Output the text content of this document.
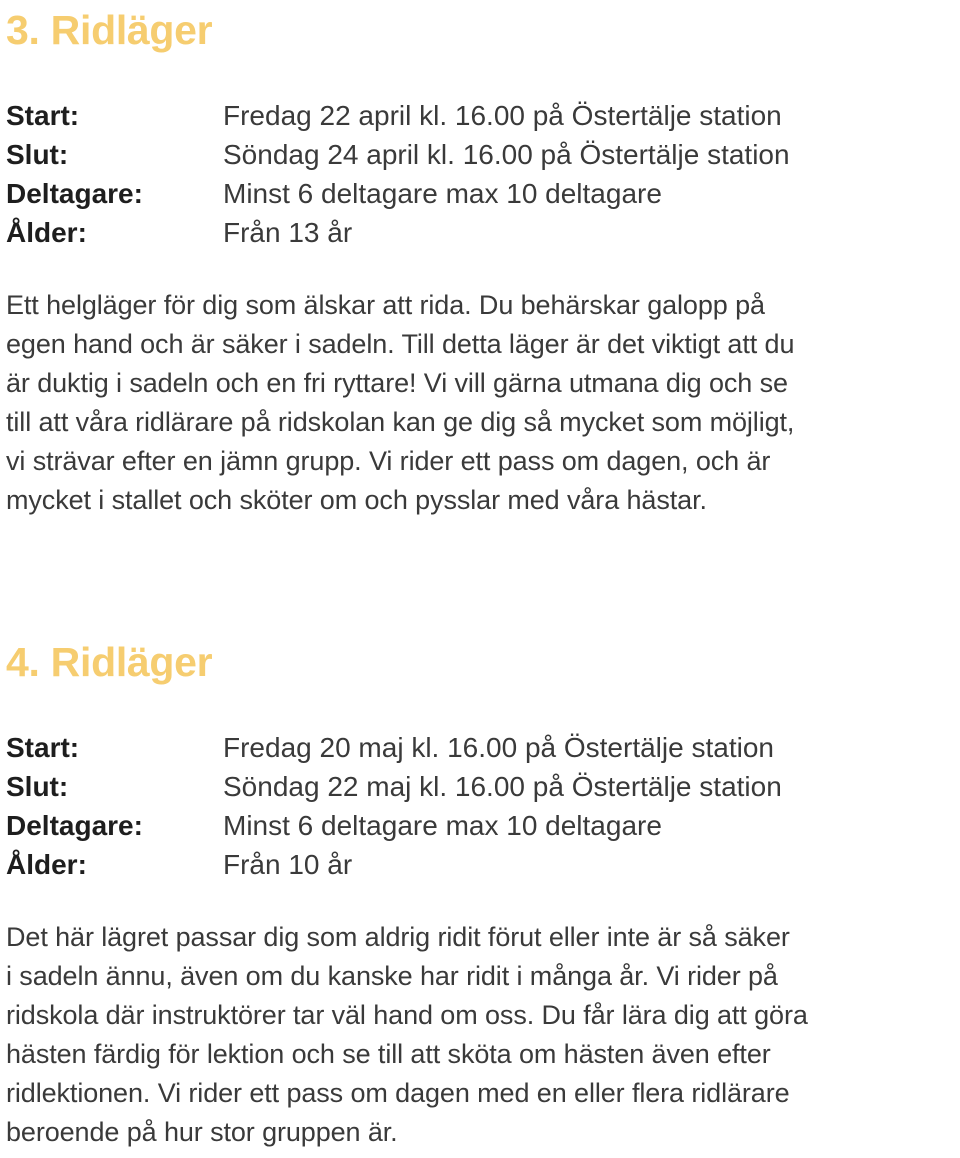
3. Ridläger
Start:	Fredag 22 april kl. 16.00 på Östertälje station
Slut:	Söndag 24 april kl. 16.00 på Östertälje station
Deltagare:	Minst 6 deltagare max 10 deltagare
Ålder:	Från 13 år

Ett helgläger för dig som älskar att rida. Du behärskar galopp på
egen hand och är säker i sadeln. Till detta läger är det viktigt att du
är duktig i sadeln och en fri ryttare! Vi vill gärna utmana dig och se
till att våra ridlärare på ridskolan kan ge dig så mycket som möjligt,
vi strävar efter en jämn grupp. Vi rider ett pass om dagen, och är
mycket i stallet och sköter om och pysslar med våra hästar.

4. Ridläger
Start:	Fredag 20 maj kl. 16.00 på Östertälje station
Slut:	Söndag 22 maj kl. 16.00 på Östertälje station
Deltagare:	Minst 6 deltagare max 10 deltagare
Ålder:	Från 10 år

Det här lägret passar dig som aldrig ridit förut eller inte är så säker
i sadeln ännu, även om du kanske har ridit i många år. Vi rider på
ridskola där instruktörer tar väl hand om oss. Du får lära dig att göra
hästen färdig för lektion och se till att sköta om hästen även efter
ridlektionen. Vi rider ett pass om dagen med en eller flera ridlärare
beroende på hur stor gruppen är.
